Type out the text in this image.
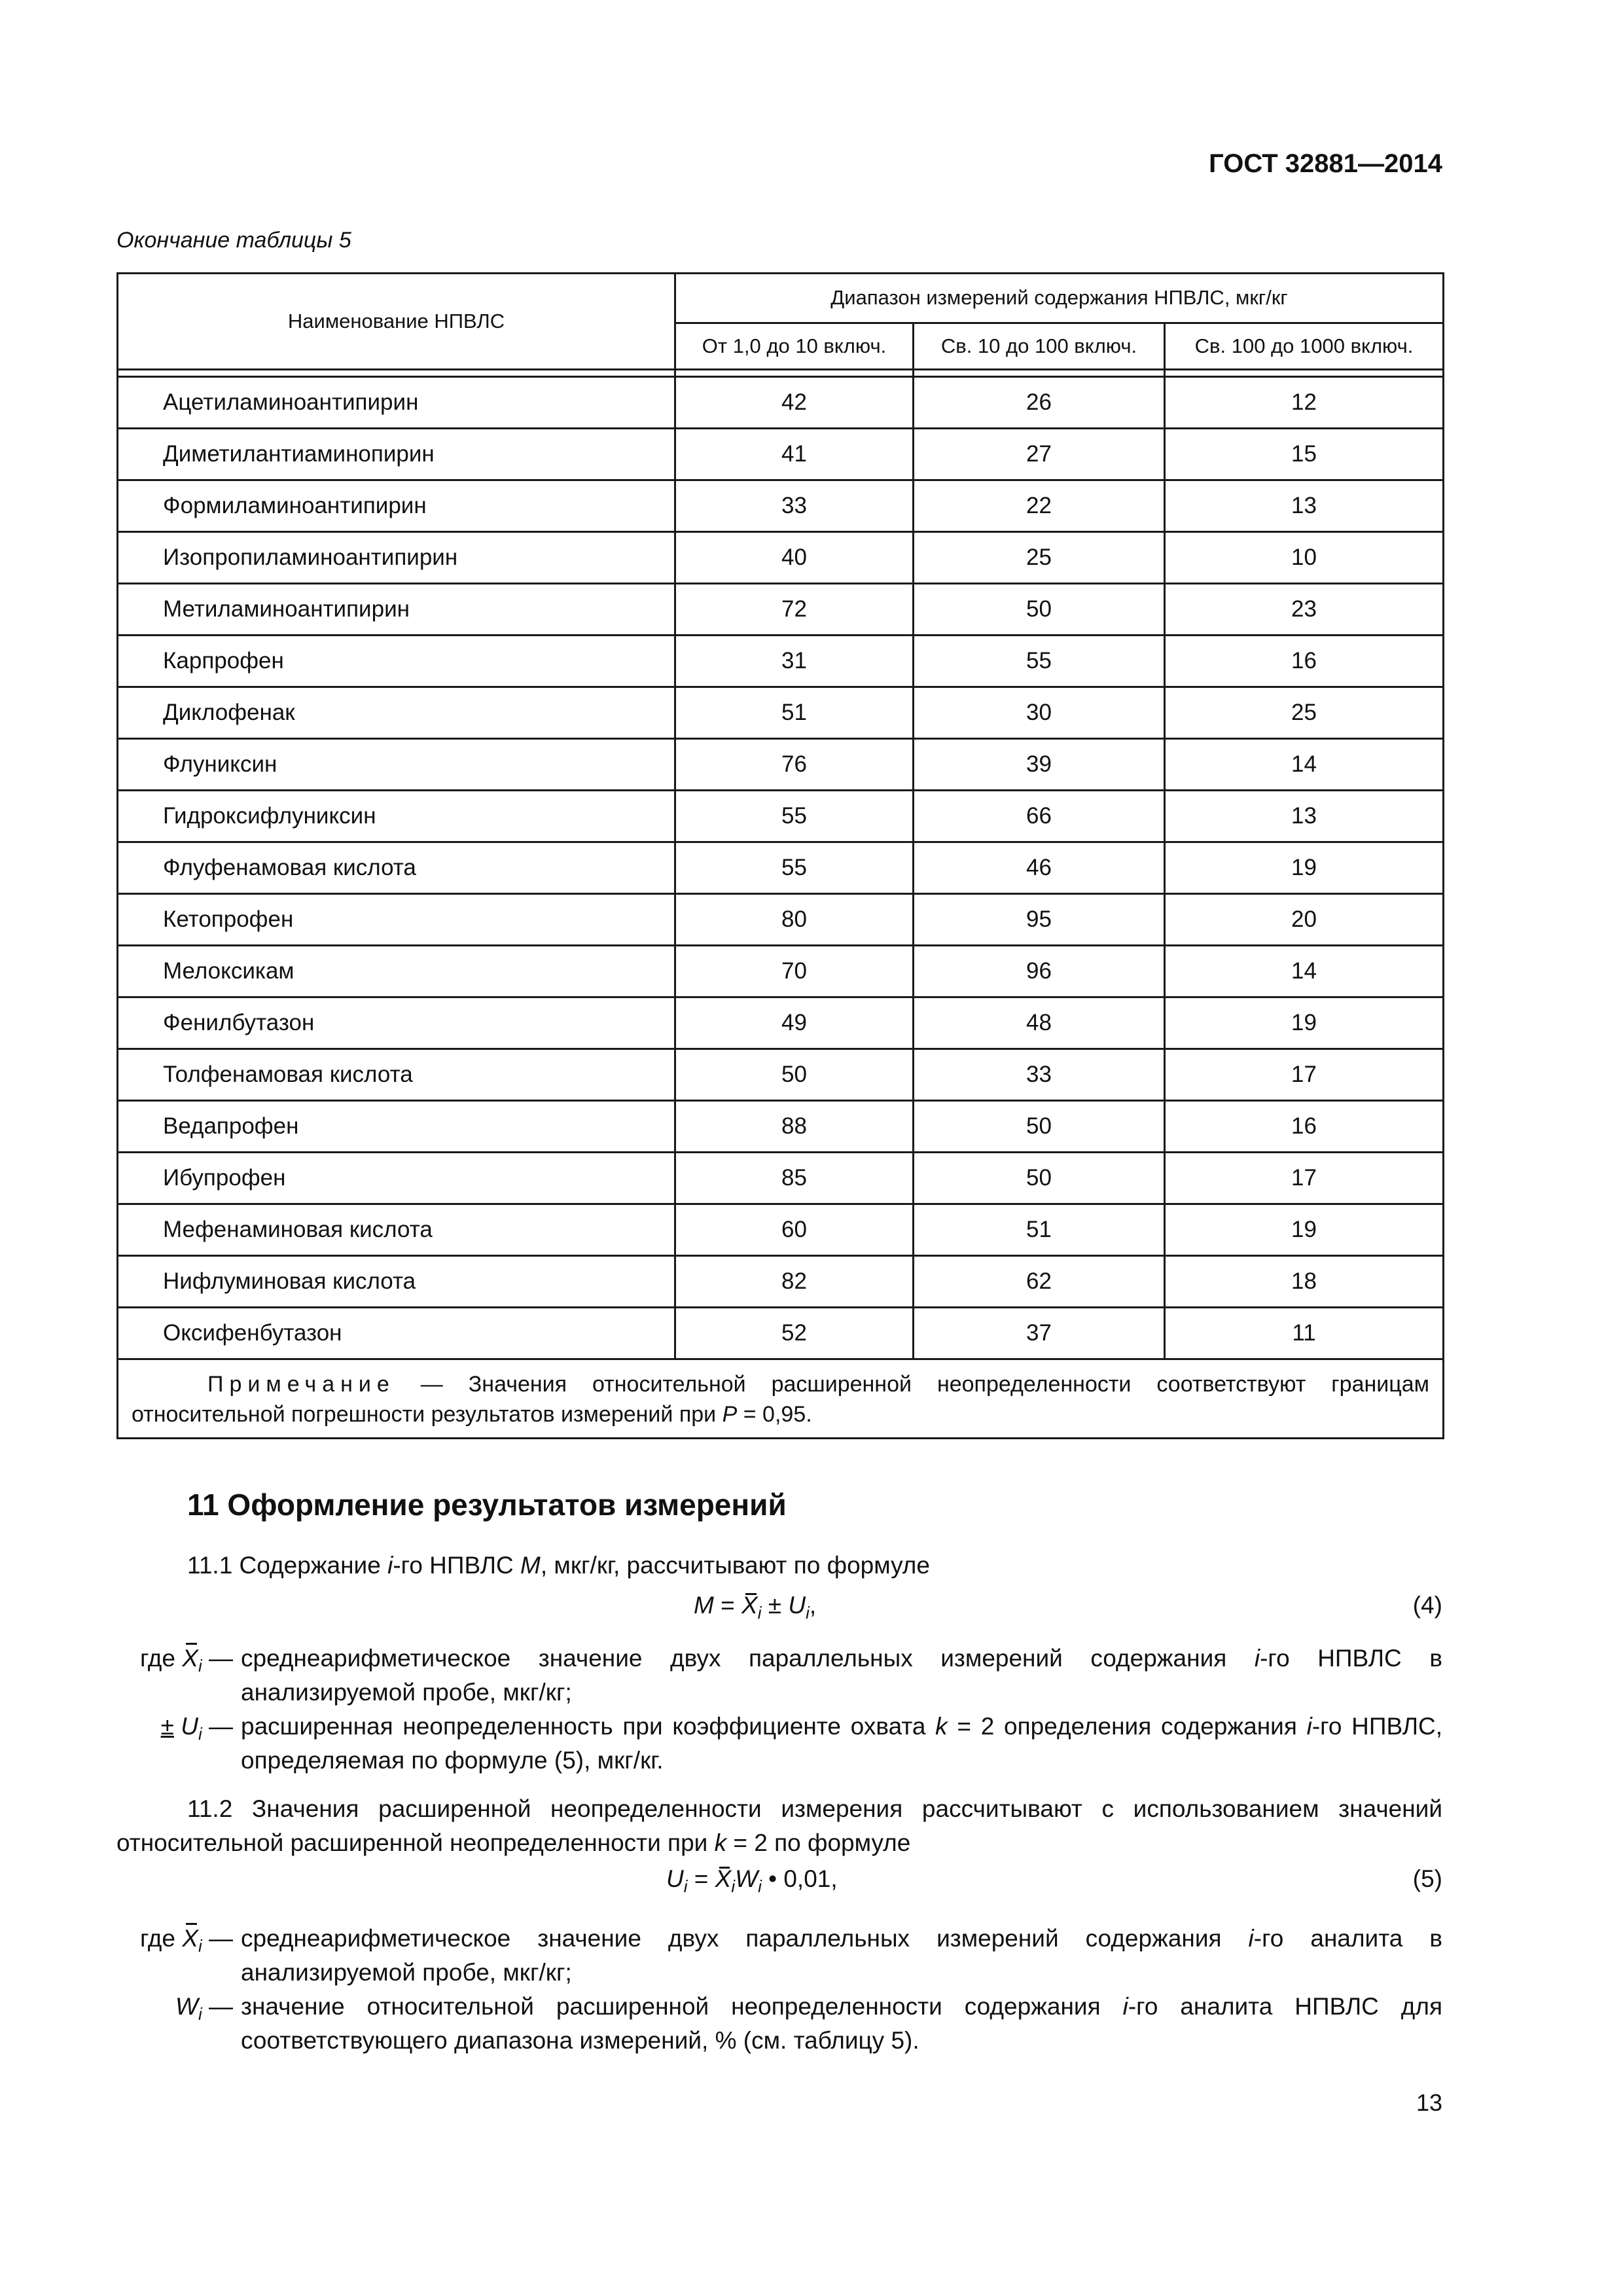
ГОСТ 32881—2014
Окончание таблицы 5
Наименование НПВЛС	Диапазон измерений содержания НПВЛС, мкг/кг		
	От 1,0 до 10 включ.	Св. 10 до 100 включ.	Св. 100 до 1000 включ.

Ацетиламиноантипирин	42	26	12
Диметилантиаминопирин	41	27	15
Формиламиноантипирин	33	22	13
Изопропиламиноантипирин	40	25	10
Метиламиноантипирин	72	50	23
Карпрофен	31	55	16
Диклофенак	51	30	25
Флуниксин	76	39	14
Гидроксифлуниксин	55	66	13
Флуфенамовая кислота	55	46	19
Кетопрофен	80	95	20
Мелоксикам	70	96	14
Фенилбутазон	49	48	19
Толфенамовая кислота	50	33	17
Ведапрофен	88	50	16
Ибупрофен	85	50	17
Мефенаминовая кислота	60	51	19
Нифлуминовая кислота	82	62	18
Оксифенбутазон	52	37	11
Примечание — Значения относительной расширенной неопределенности соответствуют границам относительной погрешности результатов измерений при P = 0,95.			
11 Оформление результатов измерений
11.1 Содержание i-го НПВЛС M, мкг/кг, рассчитывают по формуле
$M = X_i \pm U_i$,	(4)
где $X_i$ — среднеарифметическое значение двух параллельных измерений содержания i-го НПВЛС в анализируемой пробе, мкг/кг;
± $U_i$ — расширенная неопределенность при коэффициенте охвата k = 2 определения содержания i-го НПВЛС, определяемая по формуле (5), мкг/кг.
11.2 Значения расширенной неопределенности измерения рассчитывают с использованием значений относительной расширенной неопределенности при k = 2 по формуле
$U_i = X_iW_i$ • 0,01,	(5)
где $X_i$ — среднеарифметическое значение двух параллельных измерений содержания i-го аналита в анализируемой пробе, мкг/кг;
$W_i$ — значение относительной расширенной неопределенности содержания i-го аналита НПВЛС для соответствующего диапазона измерений, % (см. таблицу 5).
13
